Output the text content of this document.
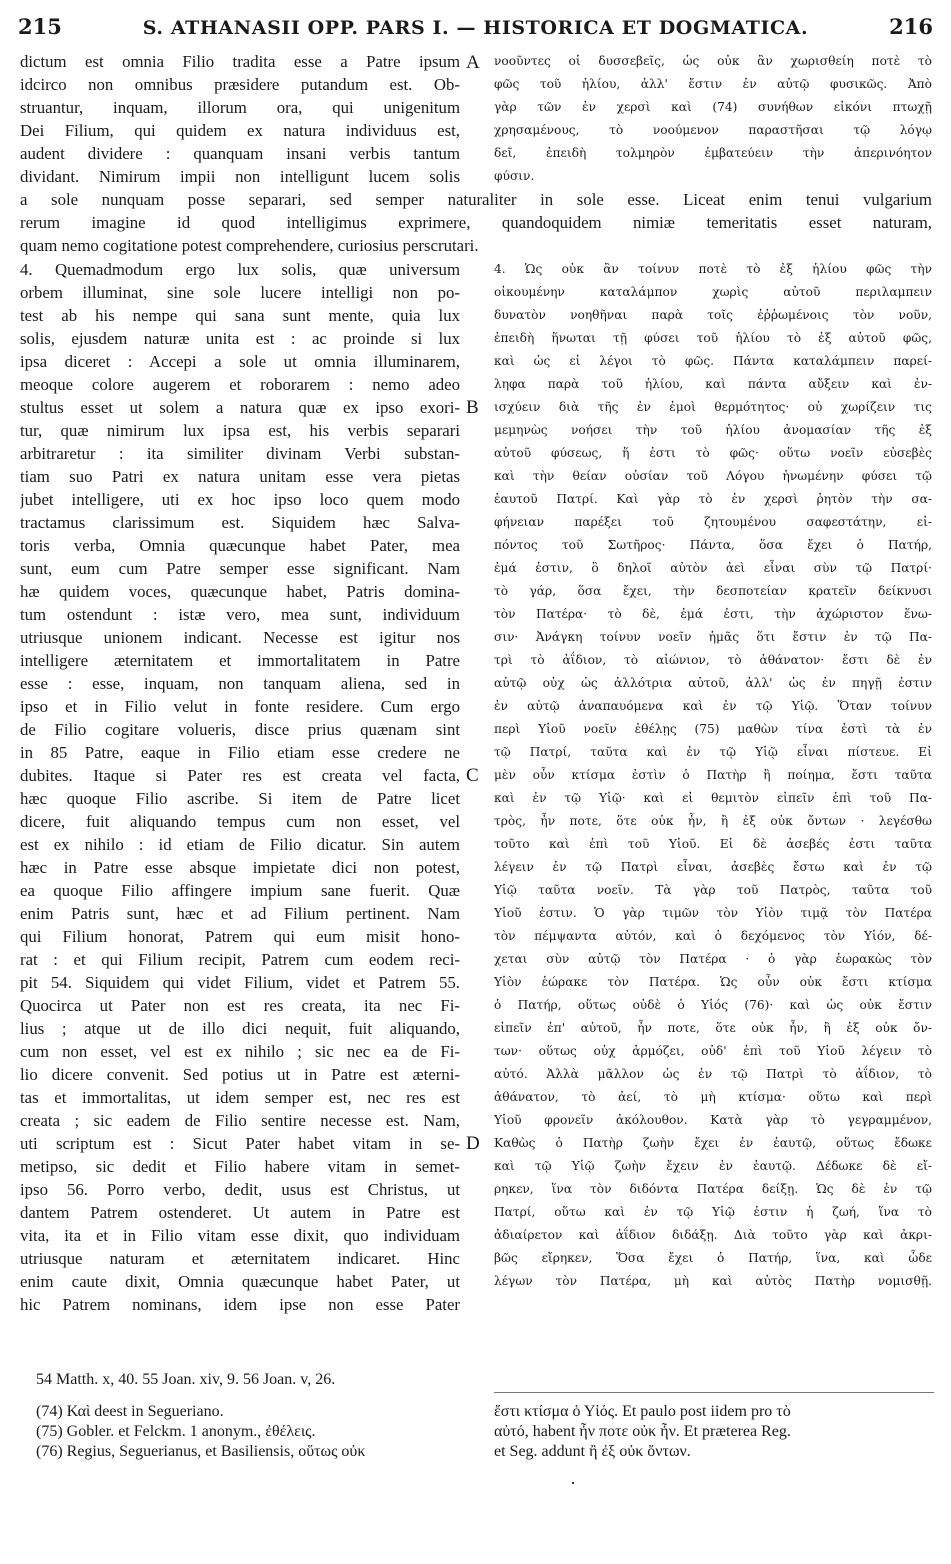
215	S. ATHANASII OPP. PARS I. — HISTORICA ET DOGMATICA.	216
dictum est omnia Filio tradita esse a Patre ipsum
idcirco non omnibus præsidere putandum est. Ob-
struantur, inquam, illorum ora, qui unigenitum
Dei Filium, qui quidem ex natura individuus est,
audent dividere : quanquam insani verbis tantum
dividant. Nimirum impii non intelligunt lucem solis
νοοῦντες οἱ δυσσεβεῖς, ὡς οὐκ ἂν χωρισθείη ποτὲ τὸ
φῶς τοῦ ἡλίου, ἀλλ' ἔστιν ἐν αὐτῷ φυσικῶς. Ἀπὸ
γὰρ τῶν ἐν χερσὶ καὶ (74) συνήθων εἰκόνι πτωχῇ
χρησαμένους, τὸ νοούμενον παραστῆσαι τῷ λόγῳ
δεῖ, ἐπειδὴ τολμηρὸν ἐμβατεύειν τὴν ἀπερινόητον
φύσιν.
a sole nunquam posse separari, sed semper naturaliter in sole esse. Liceat enim tenui vulgarium
rerum imagine id quod intelligimus exprimere, quandoquidem nimiæ temeritatis esset naturam,
quam nemo cogitatione potest comprehendere, curiosius perscrutari.
4. Quemadmodum ergo lux solis, quæ universum
orbem illuminat, sine sole lucere intelligi non po-
test ab his nempe qui sana sunt mente, quia lux
solis, ejusdem naturæ unita est : ac proinde si lux
ipsa diceret : Accepi a sole ut omnia illuminarem,
meoque colore augerem et roborarem : nemo adeo
stultus esset ut solem a natura quæ ex ipso exori-
tur, quæ nimirum lux ipsa est, his verbis separari
arbitraretur : ita similiter divinam Verbi substan-
tiam suo Patri ex natura unitam esse vera pietas
jubet intelligere, uti ex hoc ipso loco quem modo
tractamus clarissimum est. Siquidem hæc Salva-
toris verba, Omnia quæcunque habet Pater, mea
sunt, eum cum Patre semper esse significant. Nam
hæ quidem voces, quæcunque habet, Patris domina-
tum ostendunt : istæ vero, mea sunt, individuum
utriusque unionem indicant. Necesse est igitur nos
intelligere æternitatem et immortalitatem in Patre
esse : esse, inquam, non tanquam aliena, sed in
ipso et in Filio velut in fonte residere. Cum ergo
de Filio cogitare volueris, disce prius quænam sint
in 85 Patre, eaque in Filio etiam esse credere ne
dubites. Itaque si Pater res est creata vel facta,
hæc quoque Filio ascribe. Si item de Patre licet
dicere, fuit aliquando tempus cum non esset, vel
est ex nihilo : id etiam de Filio dicatur. Sin autem
hæc in Patre esse absque impietate dici non potest,
ea quoque Filio affingere impium sane fuerit. Quæ
enim Patris sunt, hæc et ad Filium pertinent. Nam
qui Filium honorat, Patrem qui eum misit hono-
rat : et qui Filium recipit, Patrem cum eodem reci-
pit 54. Siquidem qui videt Filium, videt et Patrem 55.
Quocirca ut Pater non est res creata, ita nec Fi-
lius ; atque ut de illo dici nequit, fuit aliquando,
cum non esset, vel est ex nihilo ; sic nec ea de Fi-
lio dicere convenit. Sed potius ut in Patre est æterni-
tas et immortalitas, ut idem semper est, nec res est
creata ; sic eadem de Filio sentire necesse est. Nam,
uti scriptum est : Sicut Pater habet vitam in se-
metipso, sic dedit et Filio habere vitam in semet-
ipso 56. Porro verbo, dedit, usus est Christus, ut
dantem Patrem ostenderet. Ut autem in Patre est
vita, ita et in Filio vitam esse dixit, quo individuam
utriusque naturam et æternitatem indicaret. Hinc
enim caute dixit, Omnia quæcunque habet Pater, ut
hic Patrem nominans, idem ipse non esse Pater
4. Ὡς οὐκ ἂν τοίνυν ποτὲ τὸ ἐξ ἡλίου φῶς τὴν
οἰκουμένην καταλάμπον χωρὶς αὐτοῦ περιλαμπειν
δυνατὸν νοηθῆναι παρὰ τοῖς ἐῤῥωμένοις τὸν νοῦν,
ἐπειδὴ ἥνωται τῇ φύσει τοῦ ἡλίου τὸ ἐξ αὐτοῦ φῶς,
καὶ ὡς εἰ λέγοι τὸ φῶς. Πάντα καταλάμπειν παρεί-
ληφα παρὰ τοῦ ἡλίου, καὶ πάντα αὔξειν καὶ ἐν-
ισχύειν διὰ τῆς ἐν ἐμοὶ θερμότητος· οὐ χωρίζειν τις
μεμηνὼς νοήσει τὴν τοῦ ἡλίου ἀνομασίαν τῆς ἐξ
αὐτοῦ φύσεως, ἥ ἐστι τὸ φῶς· οὕτω νοεῖν εὐσεβὲς
καὶ τὴν θείαν οὐσίαν τοῦ Λόγου ἡνωμένην φύσει τῷ
ἑαυτοῦ Πατρί. Καὶ γὰρ τὸ ἐν χερσὶ ῥητὸν τὴν σα-
φήνειαν παρέξει τοῦ ζητουμένου σαφεστάτην, εἰ-
πόντος τοῦ Σωτῆρος· Πάντα, ὅσα ἔχει ὁ Πατήρ,
ἐμά ἐστιν, ὃ δηλοῖ αὐτὸν ἀεὶ εἶναι σὺν τῷ Πατρί·
τὸ γάρ, ὅσα ἔχει, τὴν δεσποτείαν κρατεῖν δείκνυσι
τὸν Πατέρα· τὸ δὲ, ἐμά ἐστι, τὴν ἀχώριστον ἕνω-
σιν· Ἀνάγκη τοίνυν νοεῖν ἡμᾶς ὅτι ἔστιν ἐν τῷ Πα-
τρὶ τὸ ἀΐδιον, τὸ αἰώνιον, τὸ ἀθάνατον· ἔστι δὲ ἐν
αὐτῷ οὐχ ὡς ἀλλότρια αὐτοῦ, ἀλλ' ὡς ἐν πηγῇ ἐστιν
ἐν αὐτῷ ἀναπαυόμενα καὶ ἐν τῷ Υἱῷ. Ὅταν τοίνυν
περὶ Υἱοῦ νοεῖν ἐθέλῃς (75) μαθὼν τίνα ἐστὶ τὰ ἐν
τῷ Πατρί, ταῦτα καὶ ἐν τῷ Υἱῷ εἶναι πίστευε. Εἰ
μὲν οὖν κτίσμα ἐστὶν ὁ Πατὴρ ἢ ποίημα, ἔστι ταῦτα
καὶ ἐν τῷ Υἱῷ· καὶ εἰ θεμιτὸν εἰπεῖν ἐπὶ τοῦ Πα-
τρὸς, ἦν ποτε, ὅτε οὐκ ἦν, ἢ ἐξ οὐκ ὄντων · λεγέσθω
τοῦτο καὶ ἐπὶ τοῦ Υἱοῦ. Εἰ δὲ ἀσεβές ἐστι ταῦτα
λέγειν ἐν τῷ Πατρὶ εἶναι, ἀσεβὲς ἔστω καὶ ἐν τῷ
Υἱῷ ταῦτα νοεῖν. Τὰ γὰρ τοῦ Πατρὸς, ταῦτα τοῦ
Υἱοῦ ἐστιν. Ὁ γὰρ τιμῶν τὸν Υἱὸν τιμᾷ τὸν Πατέρα
τὸν πέμψαντα αὐτόν, καὶ ὁ δεχόμενος τὸν Υἱόν, δέ-
χεται σὺν αὐτῷ τὸν Πατέρα · ὁ γὰρ ἑωρακὼς τὸν
Υἱὸν ἑώρακε τὸν Πατέρα. Ὡς οὖν οὐκ ἔστι κτίσμα
ὁ Πατήρ, οὕτως οὐδὲ ὁ Υἱός (76)· καὶ ὡς οὐκ ἔστιν
εἰπεῖν ἐπ' αὐτοῦ, ἦν ποτε, ὅτε οὐκ ἦν, ἢ ἐξ οὐκ ὄν-
των· οὕτως οὐχ ἁρμόζει, οὐδ' ἐπὶ τοῦ Υἱοῦ λέγειν τὸ
αὐτό. Ἀλλὰ μᾶλλον ὡς ἐν τῷ Πατρὶ τὸ ἀΐδιον, τὸ
ἀθάνατον, τὸ ἀεί, τὸ μὴ κτίσμα· οὕτω καὶ περὶ
Υἱοῦ φρονεῖν ἀκόλουθον. Κατὰ γὰρ τὸ γεγραμμένον,
Καθὼς ὁ Πατὴρ ζωὴν ἔχει ἐν ἑαυτῷ, οὕτως ἔδωκε
καὶ τῷ Υἱῷ ζωὴν ἔχειν ἐν ἑαυτῷ. Δέδωκε δὲ εἴ-
ρηκεν, ἵνα τὸν διδόντα Πατέρα δείξῃ. Ὡς δὲ ἐν τῷ
Πατρί, οὕτω καὶ ἐν τῷ Υἱῷ ἐστιν ἡ ζωή, ἵνα τὸ
ἀδιαίρετον καὶ ἀΐδιον διδάξῃ. Διὰ τοῦτο γὰρ καὶ ἀκρι-
βῶς εἴρηκεν, Ὅσα ἔχει ὁ Πατήρ, ἵνα, καὶ ὧδε
λέγων τὸν Πατέρα, μὴ καὶ αὐτὸς Πατὴρ νομισθῇ.
A
B
C
D
54 Matth. x, 40. 55 Joan. xiv, 9. 56 Joan. v, 26.
(74) Καὶ deest in Segueriano.
(75) Gobler. et Felckm. 1 anonym., ἐθέλεις.
(76) Regius, Seguerianus, et Basiliensis, οὕτως οὐκ
ἔστι κτίσμα ὁ Υἱός. Et paulo post iidem pro τὸ
αὐτό, habent ἦν ποτε οὐκ ἦν. Et præterea Reg.
et Seg. addunt ἢ ἐξ οὐκ ὄντων.
